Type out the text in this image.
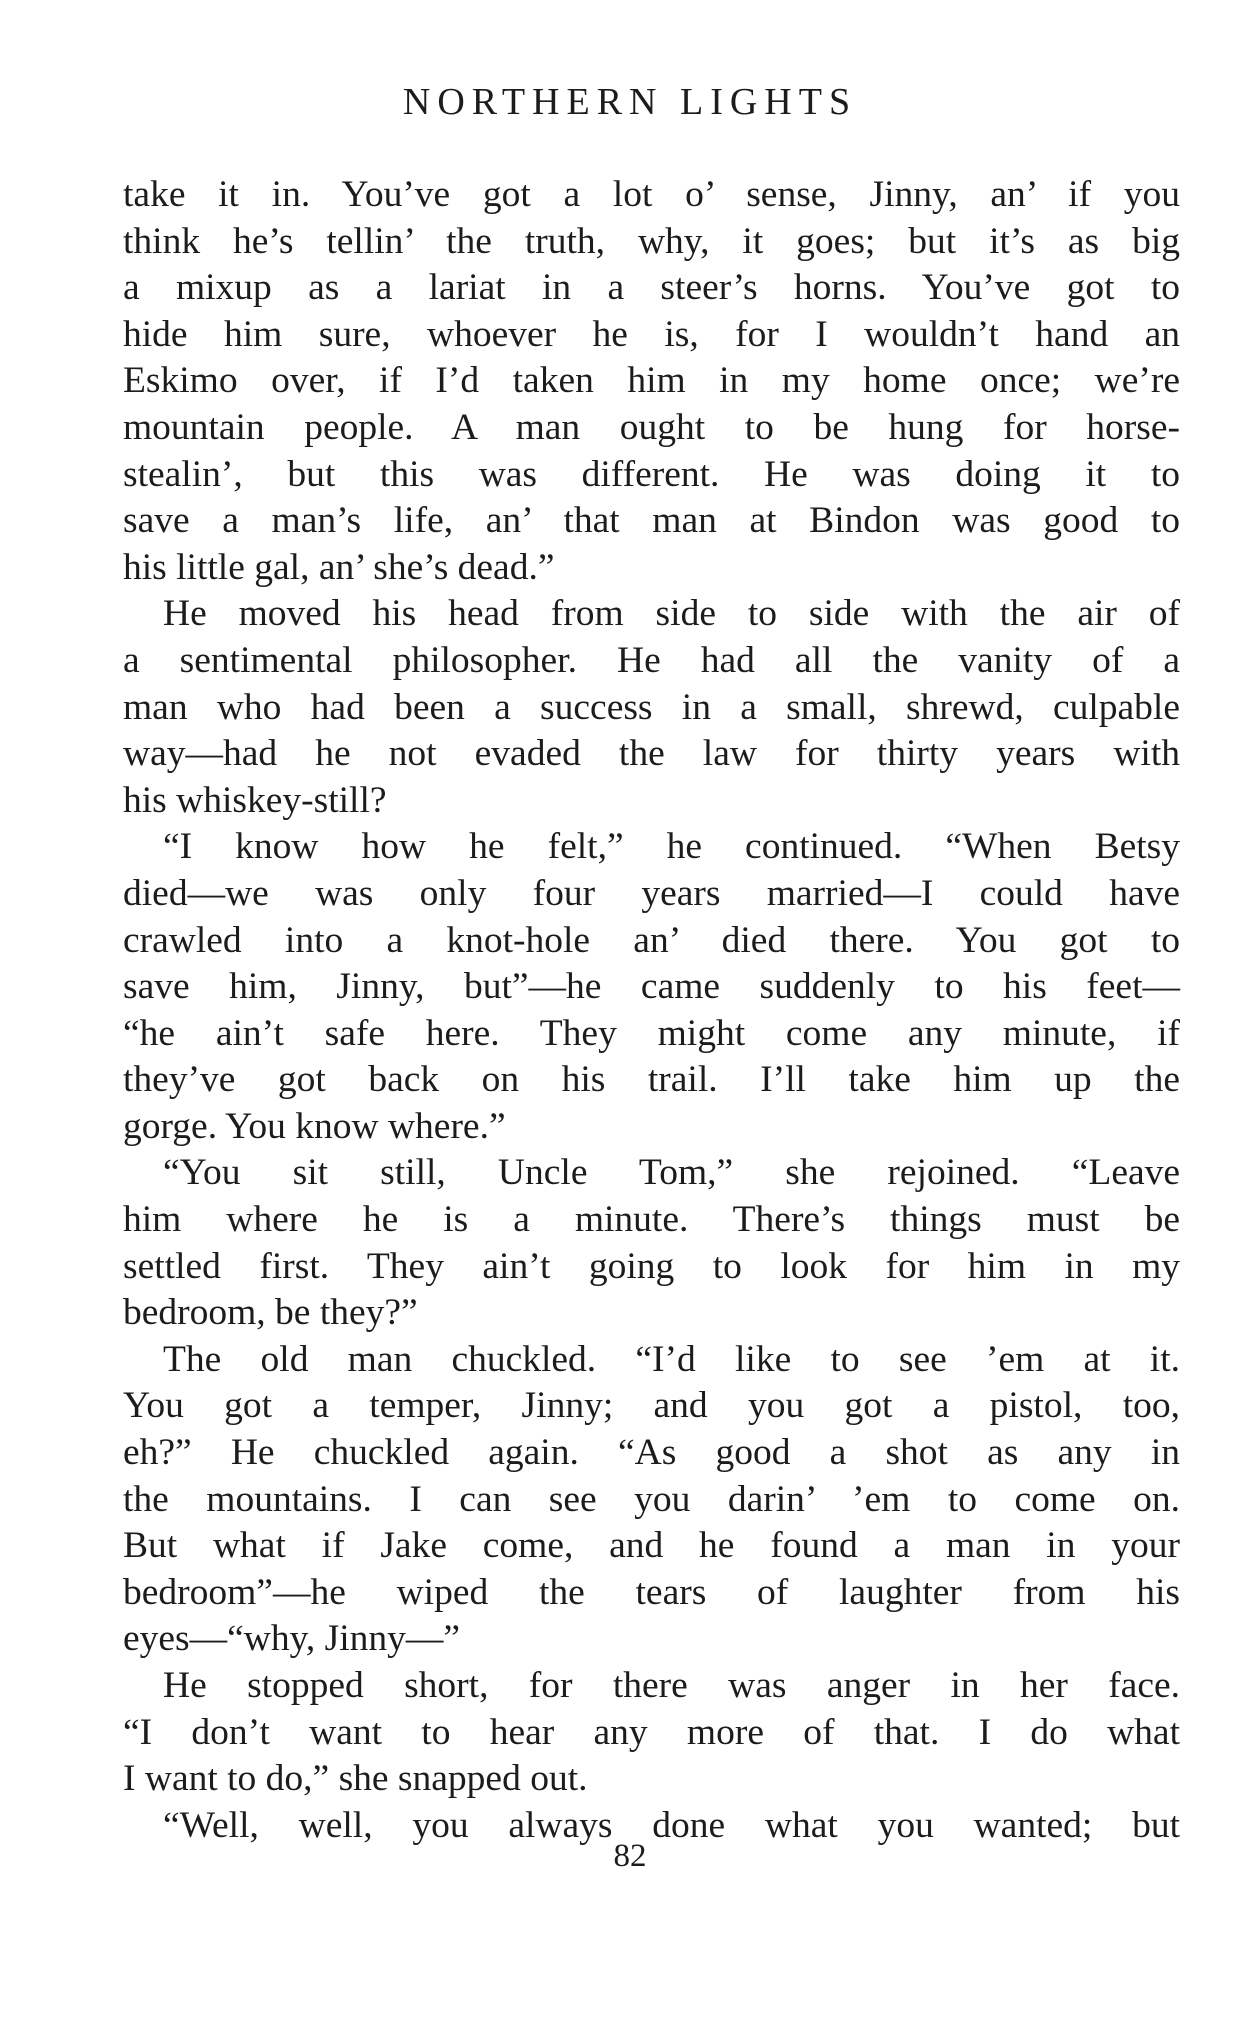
NORTHERN LIGHTS
take it in. You’ve got a lot o’ sense, Jinny, an’ if you
think he’s tellin’ the truth, why, it goes; but it’s as big
a mixup as a lariat in a steer’s horns. You’ve got to
hide him sure, whoever he is, for I wouldn’t hand an
Eskimo over, if I’d taken him in my home once; we’re
mountain people. A man ought to be hung for horse-
stealin’, but this was different. He was doing it to
save a man’s life, an’ that man at Bindon was good to
his little gal, an’ she’s dead.”
He moved his head from side to side with the air of
a sentimental philosopher. He had all the vanity of a
man who had been a success in a small, shrewd, culpable
way—had he not evaded the law for thirty years with
his whiskey-still?
“I know how he felt,” he continued. “When Betsy
died—we was only four years married—I could have
crawled into a knot-hole an’ died there. You got to
save him, Jinny, but”—he came suddenly to his feet—
“he ain’t safe here. They might come any minute, if
they’ve got back on his trail. I’ll take him up the
gorge. You know where.”
“You sit still, Uncle Tom,” she rejoined. “Leave
him where he is a minute. There’s things must be
settled first. They ain’t going to look for him in my
bedroom, be they?”
The old man chuckled. “I’d like to see ’em at it.
You got a temper, Jinny; and you got a pistol, too,
eh?” He chuckled again. “As good a shot as any in
the mountains. I can see you darin’ ’em to come on.
But what if Jake come, and he found a man in your
bedroom”—he wiped the tears of laughter from his
eyes—“why, Jinny—”
He stopped short, for there was anger in her face.
“I don’t want to hear any more of that. I do what
I want to do,” she snapped out.
“Well, well, you always done what you wanted; but
82
